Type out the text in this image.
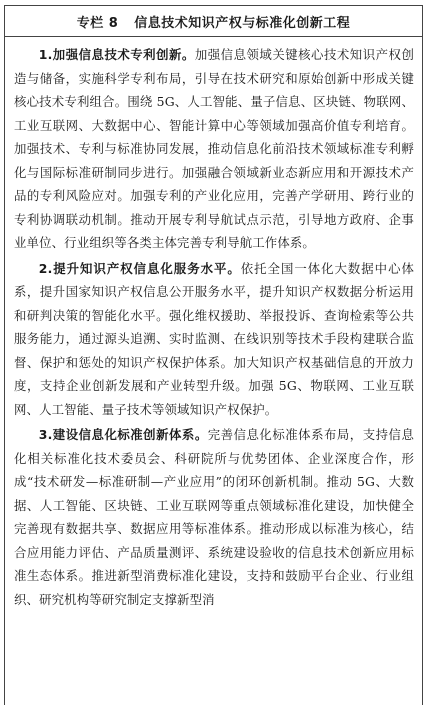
专栏 8 信息技术知识产权与标准化创新工程

1.加强信息技术专利创新。加强信息领域关键核心技术知识产权创造与储备，实施科学专利布局，引导在技术研究和原始创新中形成关键核心技术专利组合。围绕 5G、人工智能、量子信息、区块链、物联网、工业互联网、大数据中心、智能计算中心等领域加强高价值专利培育。加强技术、专利与标准协同发展，推动信息化前沿技术领域标准专利孵化与国际标准研制同步进行。加强融合领域新业态新应用和开源技术产品的专利风险应对。加强专利的产业化应用，完善产学研用、跨行业的专利协调联动机制。推动开展专利导航试点示范，引导地方政府、企事业单位、行业组织等各类主体完善专利导航工作体系。

2.提升知识产权信息化服务水平。依托全国一体化大数据中心体系，提升国家知识产权信息公开服务水平，提升知识产权数据分析运用和研判决策的智能化水平。强化维权援助、举报投诉、查询检索等公共服务能力，通过源头追溯、实时监测、在线识别等技术手段构建联合监督、保护和惩处的知识产权保护体系。加大知识产权基础信息的开放力度，支持企业创新发展和产业转型升级。加强 5G、物联网、工业互联网、人工智能、量子技术等领域知识产权保护。

3.建设信息化标准创新体系。完善信息化标准体系布局，支持信息化相关标准化技术委员会、科研院所与优势团体、企业深度合作，形成“技术研发—标准研制—产业应用”的闭环创新机制。推动 5G、大数据、人工智能、区块链、工业互联网等重点领域标准化建设，加快健全完善现有数据共享、数据应用等标准体系。推动形成以标准为核心，结合应用能力评估、产品质量测评、系统建设验收的信息技术创新应用标准生态体系。推进新型消费标准化建设，支持和鼓励平台企业、行业组织、研究机构等研究制定支撑新型消
